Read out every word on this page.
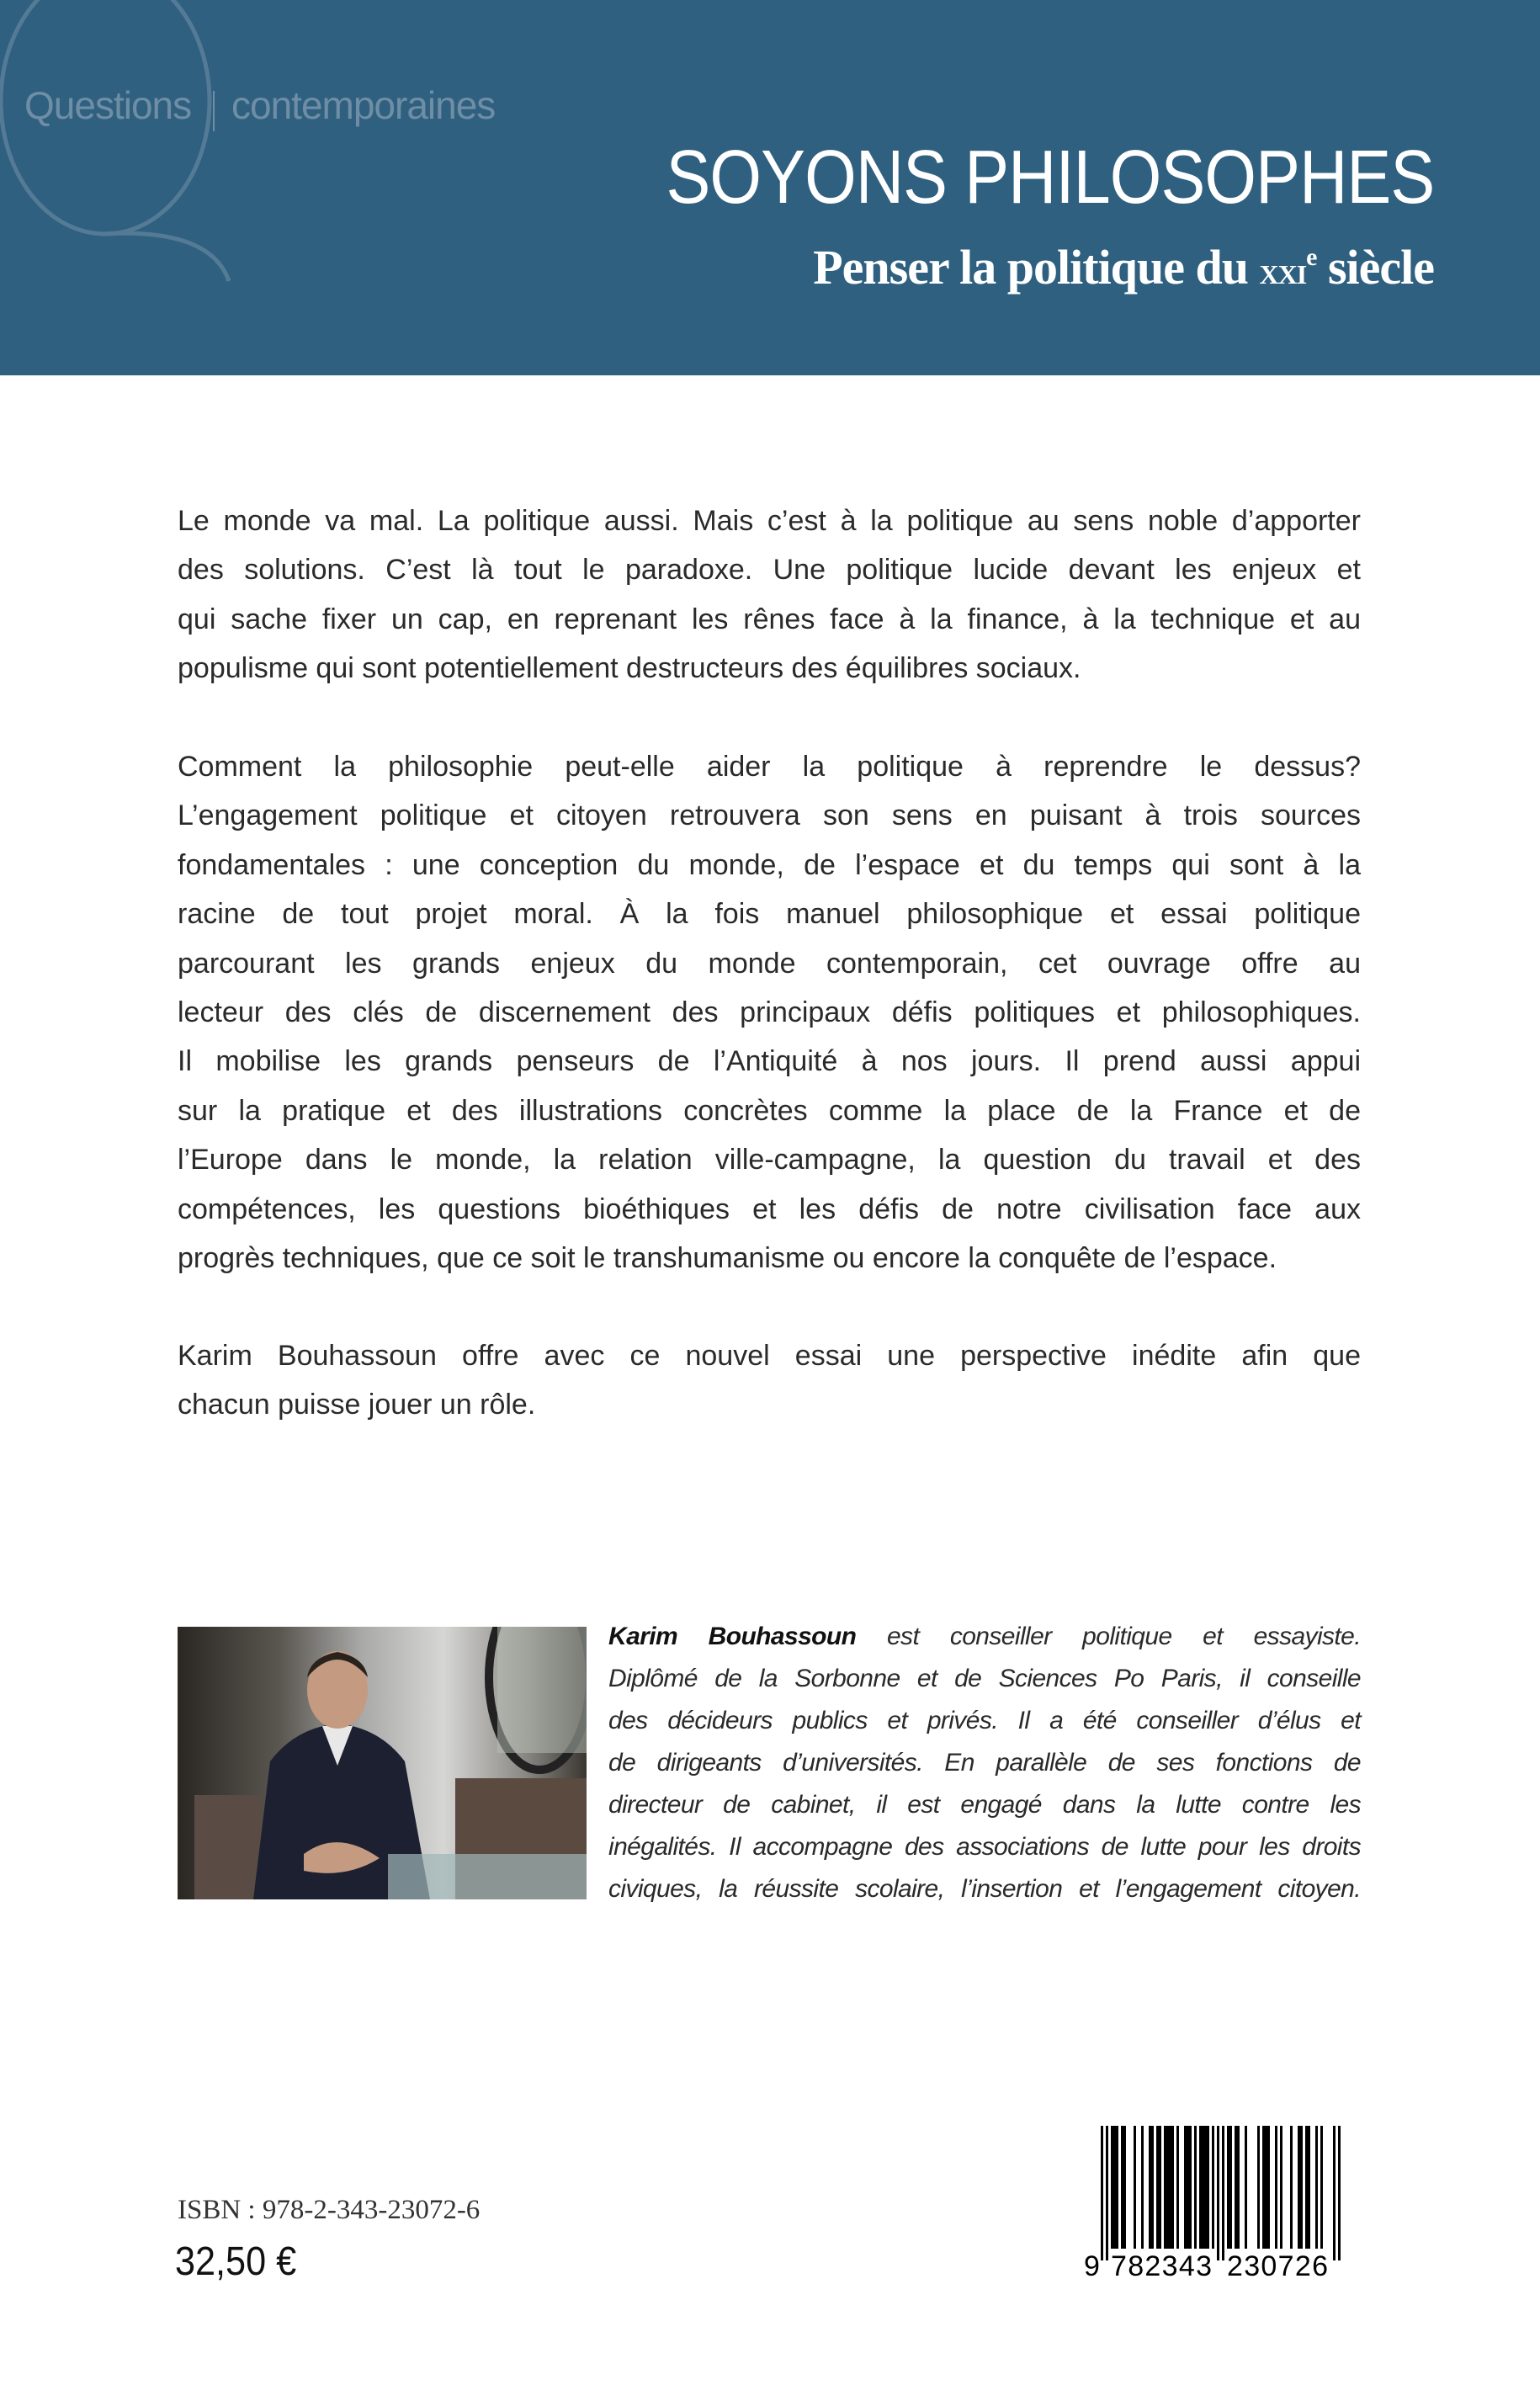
Questions contemporaines
SOYONS PHILOSOPHES
Penser la politique du xxi$^e$ siècle
Le monde va mal. La politique aussi. Mais c’est à la politique au sens noble d’apporter
des solutions. C’est là tout le paradoxe. Une politique lucide devant les enjeux et
qui sache fixer un cap, en reprenant les rênes face à la finance, à la technique et au
populisme qui sont potentiellement destructeurs des équilibres sociaux.
Comment la philosophie peut-elle aider la politique à reprendre le dessus?
L’engagement politique et citoyen retrouvera son sens en puisant à trois sources
fondamentales : une conception du monde, de l’espace et du temps qui sont à la
racine de tout projet moral. À la fois manuel philosophique et essai politique
parcourant les grands enjeux du monde contemporain, cet ouvrage offre au
lecteur des clés de discernement des principaux défis politiques et philosophiques.
Il mobilise les grands penseurs de l’Antiquité à nos jours. Il prend aussi appui
sur la pratique et des illustrations concrètes comme la place de la France et de
l’Europe dans le monde, la relation ville-campagne, la question du travail et des
compétences, les questions bioéthiques et les défis de notre civilisation face aux
progrès techniques, que ce soit le transhumanisme ou encore la conquête de l’espace.
Karim Bouhassoun offre avec ce nouvel essai une perspective inédite afin que
chacun puisse jouer un rôle.
Karim Bouhassoun est conseiller politique et essayiste.
Diplômé de la Sorbonne et de Sciences Po Paris, il conseille
des décideurs publics et privés. Il a été conseiller d’élus et
de dirigeants d’universités. En parallèle de ses fonctions de
directeur de cabinet, il est engagé dans la lutte contre les
inégalités. Il accompagne des associations de lutte pour les droits
civiques, la réussite scolaire, l’insertion et l’engagement citoyen.
ISBN : 978-2-343-23072-6
32,50 €	9 782343 230726
